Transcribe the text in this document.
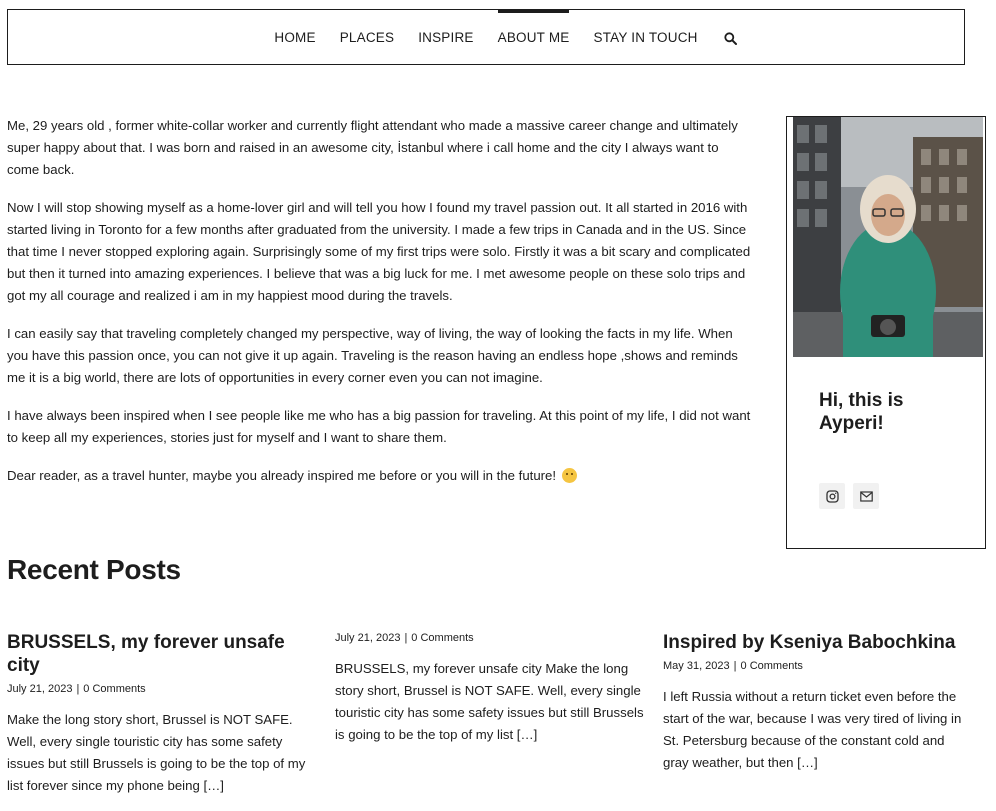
HOME PLACES INSPIRE ABOUT ME STAY IN TOUCH

Me, 29 years old , former white-collar worker and currently flight attendant who made a massive career change and ultimately super happy about that. I was born and raised in an awesome city, İstanbul where i call home and the city I always want to come back.

Now I will stop showing myself as a home-lover girl and will tell you how I found my travel passion out. It all started in 2016 with started living in Toronto for a few months after graduated from the university. I made a few trips in Canada and in the US. Since that time I never stopped exploring again. Surprisingly some of my first trips were solo. Firstly it was a bit scary and complicated but then it turned into amazing experiences. I believe that was a big luck for me. I met awesome people on these solo trips and got my all courage and realized i am in my happiest mood during the travels.

I can easily say that traveling completely changed my perspective, way of living, the way of looking the facts in my life. When you have this passion once, you can not give it up again. Traveling is the reason having an endless hope ,shows and reminds me it is a big world, there are lots of opportunities in every corner even you can not imagine.

I have always been inspired when I see people like me who has a big passion for traveling. At this point of my life, I did not want to keep all my experiences, stories just for myself and I want to share them.

Dear reader, as a travel hunter, maybe you already inspired me before or you will in the future!

Hi, this is Ayperi!
Recent Posts
BRUSSELS, my forever unsafe city
July 21, 2023 | 0 Comments
Make the long story short, Brussel is NOT SAFE. Well, every single touristic city has some safety issues but still Brussels is going to be the top of my list forever since my phone being […]
July 21, 2023 | 0 Comments
BRUSSELS, my forever unsafe city Make the long story short, Brussel is NOT SAFE. Well, every single touristic city has some safety issues but still Brussels is going to be the top of my list […]
Inspired by Kseniya Babochkina
May 31, 2023 | 0 Comments
I left Russia without a return ticket even before the start of the war, because I was very tired of living in St. Petersburg because of the constant cold and gray weather, but then […]
